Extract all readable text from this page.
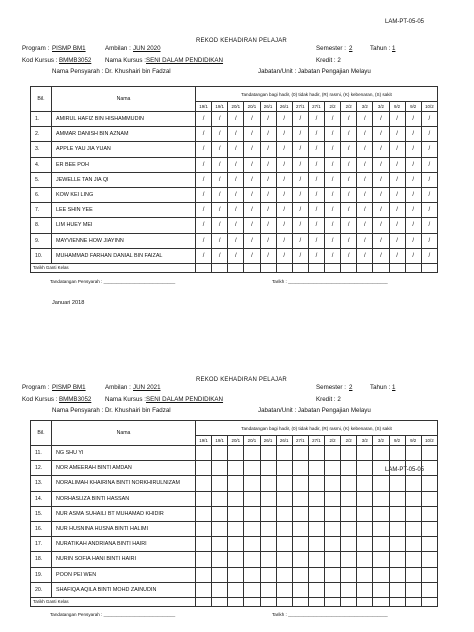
LAM-PT-05-05
REKOD KEHADIRAN PELAJAR
Program : PISMP BM1	Ambilan : JUN 2020	Semester : 2	Tahun : 1
Kod Kursus : BMMB3052 Nama Kursus : SENI DALAM PENDIDIKAN	Kredit : 2
Nama Pensyarah : Dr. Khushairi bin Fadzal	Jabatan/Unit : Jabatan Pengajian Melayu
Bil.	Nama	Tandatangan bagi hadir, (0) tidak hadir, (R) rasmi, (K) kebenaran, (S) sakit														
		19/1	19/1	20/1	20/1	26/1	26/1	27/1	27/1	2/2	2/2	3/2	3/2	9/2	9/2	10/2
1.	AMIRUL HAFIZ BIN HISHAMMUDIN	/	/	/	/	/	/	/	/	/	/	/	/	/	/	/
2.	AMMAR DANISH BIN AZNAM	/	/	/	/	/	/	/	/	/	/	/	/	/	/	/
3.	APPLE YAU JIA YUAN	/	/	/	/	/	/	/	/	/	/	/	/	/	/	/
4.	ER BEE POH	/	/	/	/	/	/	/	/	/	/	/	/	/	/	/
5.	JEWELLE TAN JIA QI	/	/	/	/	/	/	/	/	/	/	/	/	/	/	/
6.	KOW KEI LING	/	/	/	/	/	/	/	/	/	/	/	/	/	/	/
7.	LEE SHIN YEE	/	/	/	/	/	/	/	/	/	/	/	/	/	/	/
8.	LIM HUEY MEI	/	/	/	/	/	/	/	/	/	/	/	/	/	/	/
9.	MAYVIENNE HOW JIAYINN	/	/	/	/	/	/	/	/	/	/	/	/	/	/	/
10.	MUHAMMAD FARHAN DANIAL BIN FAIZAL	/	/	/	/	/	/	/	/	/	/	/	/	/	/	/
Tarikh Ganti Kelas																
Tandatangan Pensyarah : ____________________________	Tarikh : _______________________________________
Januari 2018
LAM-PT-05-05
REKOD KEHADIRAN PELAJAR
Program : PISMP BM1	Ambilan : JUN 2021	Semester : 2	Tahun : 1
Kod Kursus : BMMB3052 Nama Kursus : SENI DALAM PENDIDIKAN	Kredit : 2
Nama Pensyarah : Dr. Khushairi bin Fadzal	Jabatan/Unit : Jabatan Pengajian Melayu
Bil.	Nama	Tandatangan bagi hadir, (0) tidak hadir, (R) rasmi, (K) kebenaran, (S) sakit														
		19/1	19/1	20/1	20/1	26/1	26/1	27/1	27/1	2/2	2/2	3/2	3/2	9/2	9/2	10/2
11.	NG SHU YI															
12.	NOR AMEERAH BINTI AMDAN															
13.	NORALIMAH KHAIRINA BINTI NORKHIRULNIZAM															
14.	NORHASLIZA BINTI HASSAN															
15.	NUR ASMA SUHAILI BT MUHAMAD KHIDIR															
16.	NUR HUSNINA HUSNA BINTI HALIMI															
17.	NURATIKAH ANDRIANA BINTI HAIRI															
18.	NURIN SOFIA HANI BINTI HAIRI															
19.	POON PEI WEN															
20.	SHAFIQA AQILA BINTI MOHD ZAINUDIN															
Tarikh Ganti Kelas																
Tandatangan Pensyarah : ____________________________	Tarikh : _______________________________________
